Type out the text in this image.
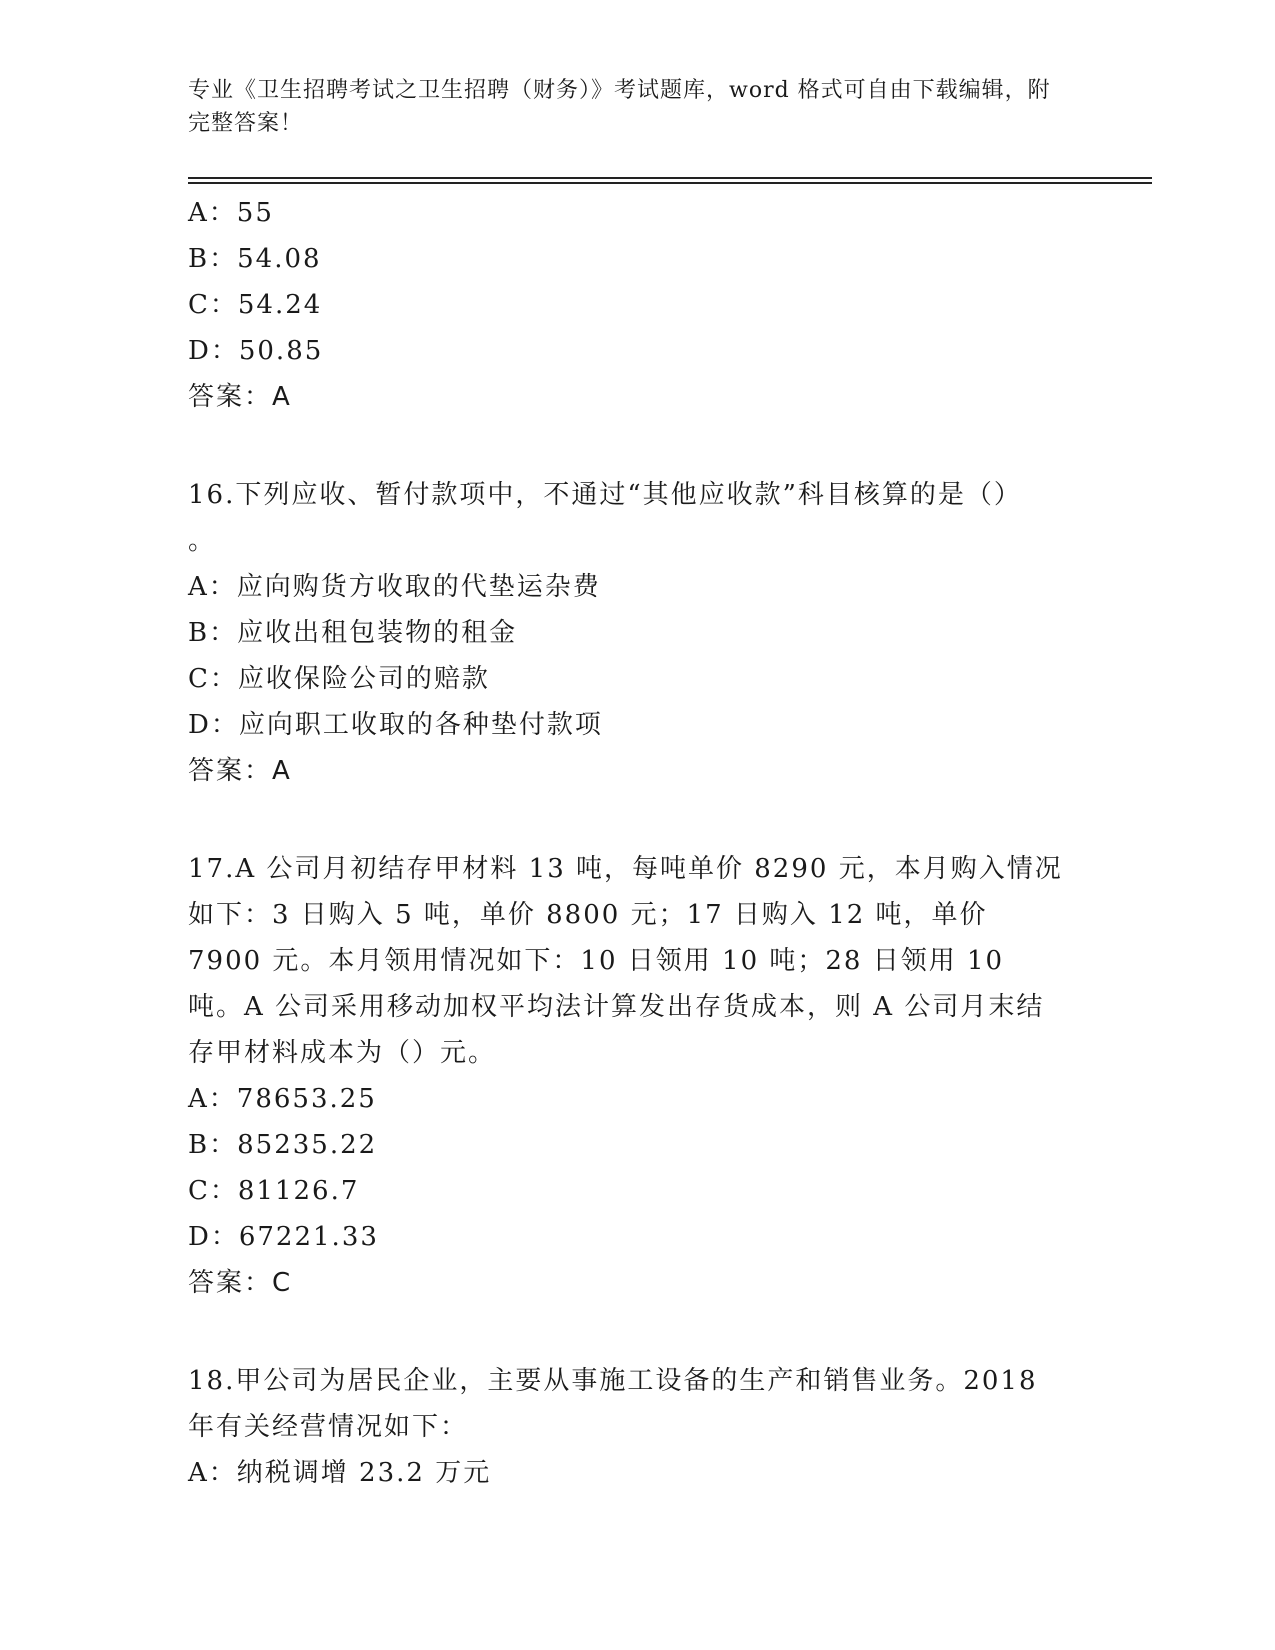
专业《卫生招聘考试之卫生招聘（财务）》考试题库，word 格式可自由下载编辑，附完整答案！
A：55
B：54.08
C：54.24
D：50.85
答案：A
16.下列应收、暂付款项中，不通过“其他应收款”科目核算的是（）
。
A：应向购货方收取的代垫运杂费
B：应收出租包装物的租金
C：应收保险公司的赔款
D：应向职工收取的各种垫付款项
答案：A
17.A 公司月初结存甲材料 13 吨，每吨单价 8290 元，本月购入情况如下：3 日购入 5 吨，单价 8800 元；17 日购入 12 吨，单价 7900 元。本月领用情况如下：10 日领用 10 吨；28 日领用 10 吨。A 公司采用移动加权平均法计算发出存货成本，则 A 公司月末结存甲材料成本为（）元。
A：78653.25
B：85235.22
C：81126.7
D：67221.33
答案：C
18.甲公司为居民企业，主要从事施工设备的生产和销售业务。2018 年有关经营情况如下：
A：纳税调增 23.2 万元
